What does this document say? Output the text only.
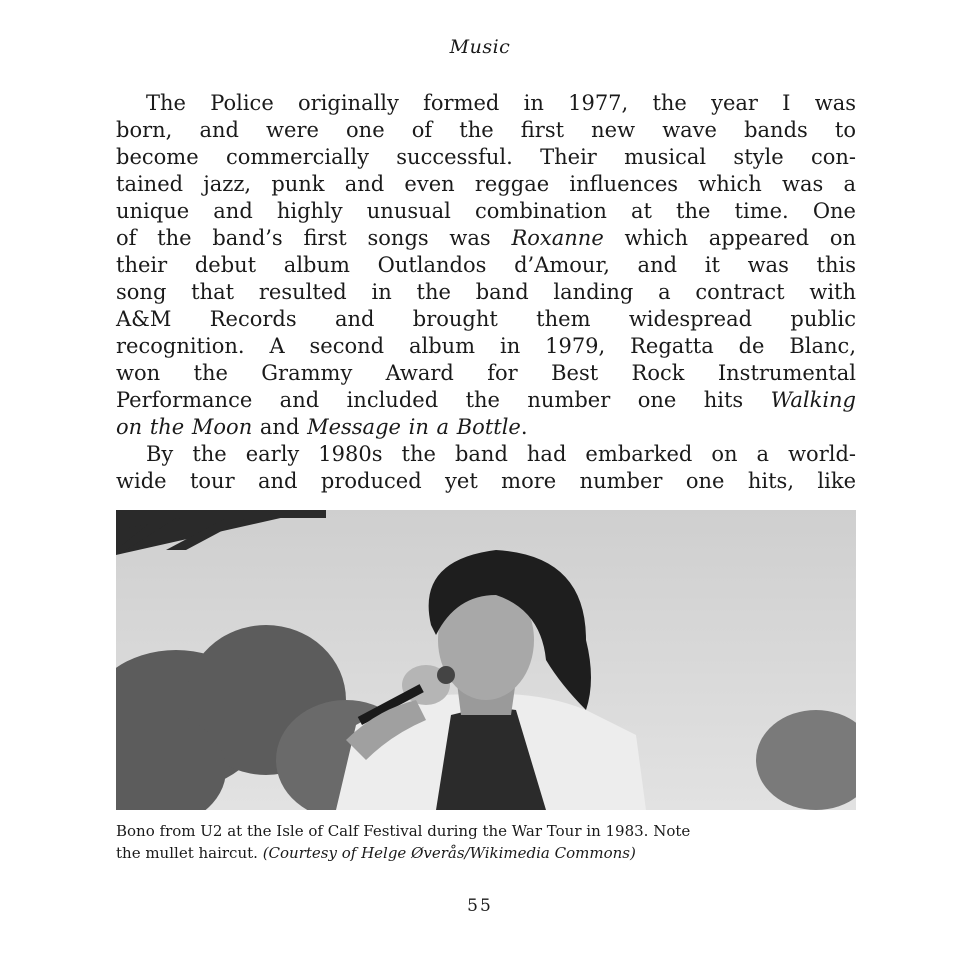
Music
The Police originally formed in 1977, the year I was
born, and were one of the first new wave bands to
become commercially successful. Their musical style con-
tained jazz, punk and even reggae influences which was a
unique and highly unusual combination at the time. One
of the band’s first songs was Roxanne which appeared on
their debut album Outlandos d’Amour, and it was this
song that resulted in the band landing a contract with
A&M Records and brought them widespread public
recognition. A second album in 1979, Regatta de Blanc,
won the Grammy Award for Best Rock Instrumental
Performance and included the number one hits Walking
on the Moon and Message in a Bottle.
By the early 1980s the band had embarked on a world-
wide tour and produced yet more number one hits, like
Bono from U2 at the Isle of Calf Festival during the War Tour in 1983. Note
the mullet haircut. (Courtesy of Helge Øverås/Wikimedia Commons)
55
